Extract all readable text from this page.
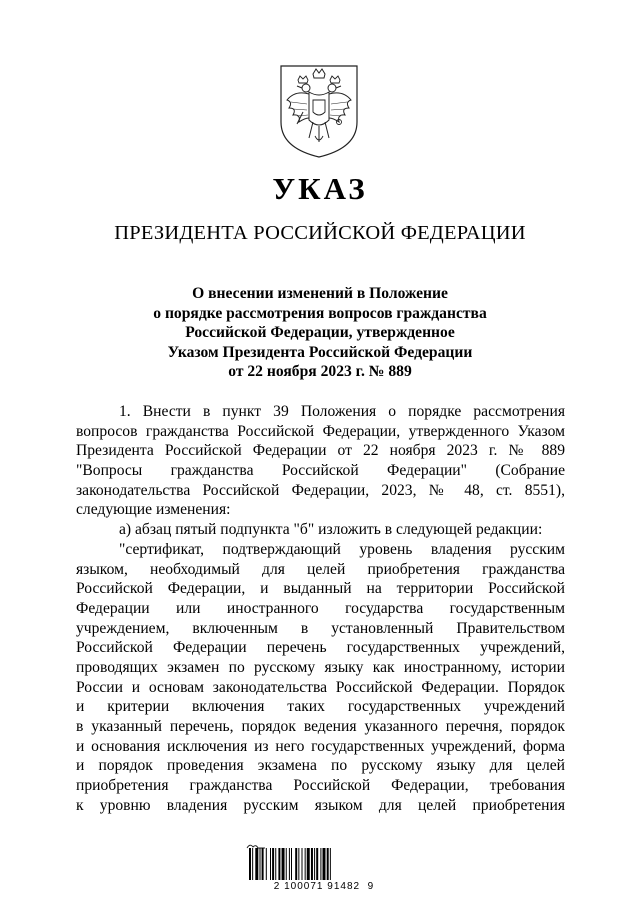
УКАЗ
ПРЕЗИДЕНТА РОССИЙСКОЙ ФЕДЕРАЦИИ
О внесении изменений в Положение
о порядке рассмотрения вопросов гражданства
Российской Федерации, утвержденное
Указом Президента Российской Федерации
от 22 ноября 2023 г. № 889
1. Внести в пункт 39 Положения о порядке рассмотрения
вопросов гражданства Российской Федерации, утвержденного Указом
Президента Российской Федерации от 22 ноября 2023 г. № 889
"Вопросы гражданства Российской Федерации" (Собрание
законодательства Российской Федерации, 2023, № 48, ст. 8551),
следующие изменения:
а) абзац пятый подпункта "б" изложить в следующей редакции:
"сертификат, подтверждающий уровень владения русским
языком, необходимый для целей приобретения гражданства
Российской Федерации, и выданный на территории Российской
Федерации или иностранного государства государственным
учреждением, включенным в установленный Правительством
Российской Федерации перечень государственных учреждений,
проводящих экзамен по русскому языку как иностранному, истории
России и основам законодательства Российской Федерации. Порядок
и критерии включения таких государственных учреждений
в указанный перечень, порядок ведения указанного перечня, порядок
и основания исключения из него государственных учреждений, форма
и порядок проведения экзамена по русскому языку для целей
приобретения гражданства Российской Федерации, требования
к уровню владения русским языком для целей приобретения
2 100071 91482  9
